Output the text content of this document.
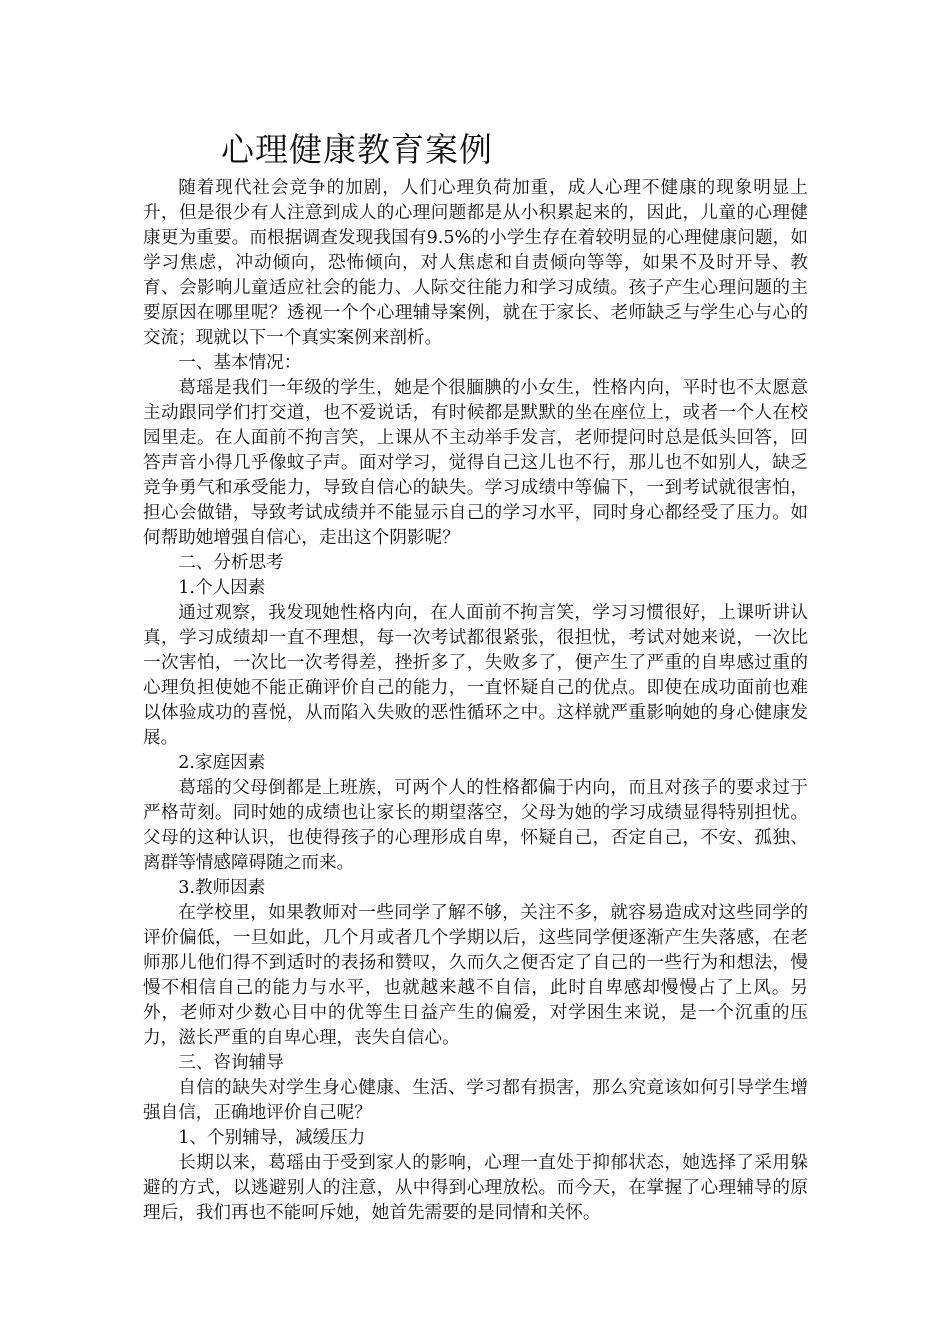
心理健康教育案例

随着现代社会竞争的加剧，人们心理负荷加重，成人心理不健康的现象明显上升，但是很少有人注意到成人的心理问题都是从小积累起来的，因此，儿童的心理健康更为重要。而根据调查发现我国有9.5%的小学生存在着较明显的心理健康问题，如学习焦虑，冲动倾向，恐怖倾向，对人焦虑和自责倾向等等，如果不及时开导、教育、会影响儿童适应社会的能力、人际交往能力和学习成绩。孩子产生心理问题的主要原因在哪里呢？透视一个个心理辅导案例，就在于家长、老师缺乏与学生心与心的交流；现就以下一个真实案例来剖析。

一、基本情况：

葛瑶是我们一年级的学生，她是个很腼腆的小女生，性格内向，平时也不太愿意主动跟同学们打交道，也不爱说话，有时候都是默默的坐在座位上，或者一个人在校园里走。在人面前不拘言笑，上课从不主动举手发言，老师提问时总是低头回答，回答声音小得几乎像蚊子声。面对学习，觉得自己这儿也不行，那儿也不如别人，缺乏竞争勇气和承受能力，导致自信心的缺失。学习成绩中等偏下，一到考试就很害怕，担心会做错，导致考试成绩并不能显示自己的学习水平，同时身心都经受了压力。如何帮助她增强自信心，走出这个阴影呢？

二、分析思考

1.个人因素

通过观察，我发现她性格内向，在人面前不拘言笑，学习习惯很好，上课听讲认真，学习成绩却一直不理想，每一次考试都很紧张，很担忧，考试对她来说，一次比一次害怕，一次比一次考得差，挫折多了，失败多了，便产生了严重的自卑感过重的心理负担使她不能正确评价自己的能力，一直怀疑自己的优点。即使在成功面前也难以体验成功的喜悦，从而陷入失败的恶性循环之中。这样就严重影响她的身心健康发展。

2.家庭因素

葛瑶的父母倒都是上班族，可两个人的性格都偏于内向，而且对孩子的要求过于严格苛刻。同时她的成绩也让家长的期望落空，父母为她的学习成绩显得特别担忧。父母的这种认识，也使得孩子的心理形成自卑，怀疑自己，否定自己，不安、孤独、离群等情感障碍随之而来。

3.教师因素

在学校里，如果教师对一些同学了解不够，关注不多，就容易造成对这些同学的评价偏低，一旦如此，几个月或者几个学期以后，这些同学便逐渐产生失落感，在老师那儿他们得不到适时的表扬和赞叹，久而久之便否定了自己的一些行为和想法，慢慢不相信自己的能力与水平，也就越来越不自信，此时自卑感却慢慢占了上风。另外，老师对少数心目中的优等生日益产生的偏爱，对学困生来说，是一个沉重的压力，滋长严重的自卑心理，丧失自信心。

三、咨询辅导

自信的缺失对学生身心健康、生活、学习都有损害，那么究竟该如何引导学生增强自信，正确地评价自己呢？

1、个别辅导，减缓压力

长期以来，葛瑶由于受到家人的影响，心理一直处于抑郁状态，她选择了采用躲避的方式，以逃避别人的注意，从中得到心理放松。而今天，在掌握了心理辅导的原理后，我们再也不能呵斥她，她首先需要的是同情和关怀。
